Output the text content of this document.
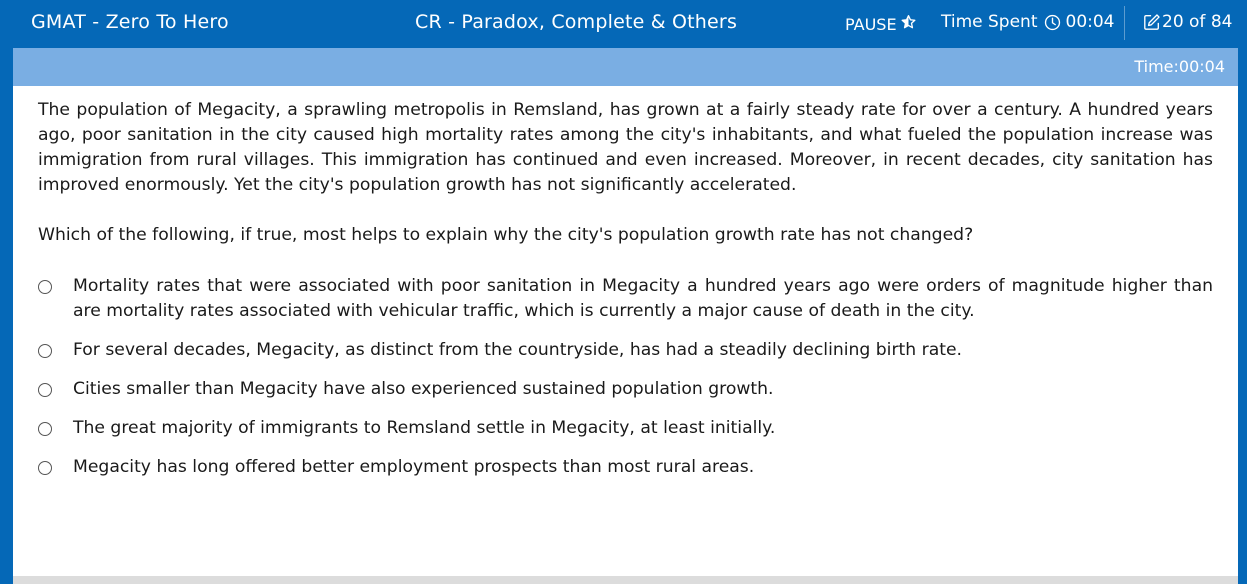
GMAT - Zero To Hero	CR - Paradox, Complete & Others	PAUSE	Time Spent 00:04	20 of 84
Time:00:04

The population of Megacity, a sprawling metropolis in Remsland, has grown at a fairly steady rate for over a century. A hundred years ago, poor sanitation in the city caused high mortality rates among the city's inhabitants, and what fueled the population increase was immigration from rural villages. This immigration has continued and even increased. Moreover, in recent decades, city sanitation has improved enormously. Yet the city's population growth has not significantly accelerated.

Which of the following, if true, most helps to explain why the city's population growth rate has not changed?

Mortality rates that were associated with poor sanitation in Megacity a hundred years ago were orders of magnitude higher than are mortality rates associated with vehicular traffic, which is currently a major cause of death in the city.
For several decades, Megacity, as distinct from the countryside, has had a steadily declining birth rate.
Cities smaller than Megacity have also experienced sustained population growth.
The great majority of immigrants to Remsland settle in Megacity, at least initially.
Megacity has long offered better employment prospects than most rural areas.
